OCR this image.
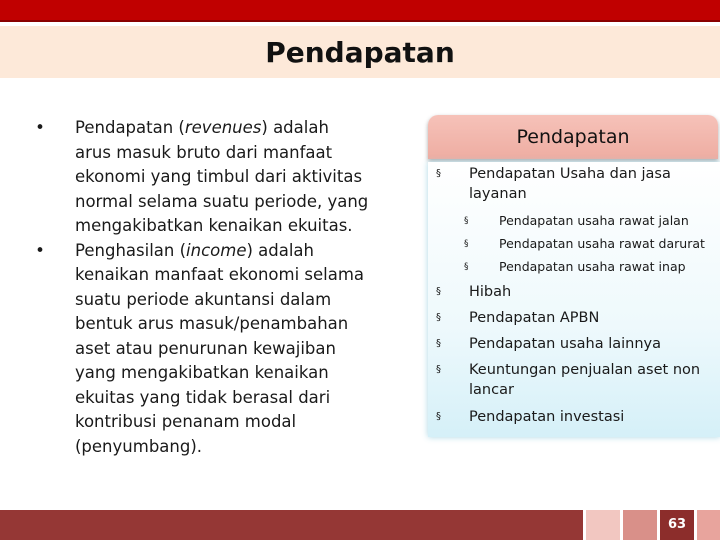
Pendapatan
•	Pendapatan (revenues) adalah arus masuk bruto dari manfaat ekonomi yang timbul dari aktivitas normal selama suatu periode, yang mengakibatkan kenaikan ekuitas.
•	Penghasilan (income) adalah kenaikan manfaat ekonomi selama suatu periode akuntansi dalam bentuk arus masuk/penambahan aset atau penurunan kewajiban yang mengakibatkan kenaikan ekuitas yang tidak berasal dari kontribusi penanam modal (penyumbang).
Pendapatan
§ Pendapatan Usaha dan jasa layanan
§ Pendapatan usaha rawat jalan
§ Pendapatan usaha rawat darurat
§ Pendapatan usaha rawat inap
§ Hibah
§ Pendapatan APBN
§ Pendapatan usaha lainnya
§ Keuntungan penjualan aset non lancar
§ Pendapatan investasi
63
